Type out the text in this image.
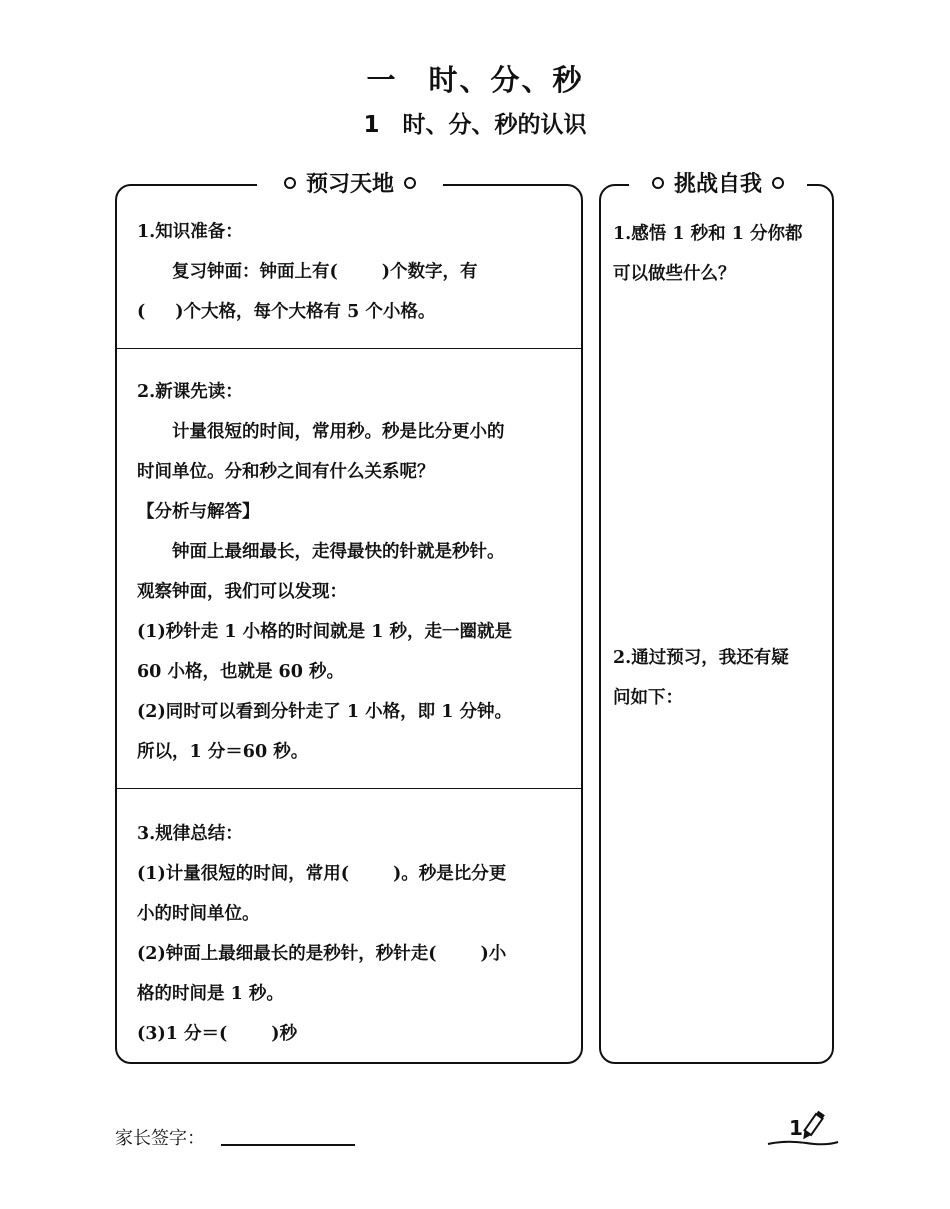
一　时、分、秒
1　时、分、秒的认识
预习天地

1.知识准备：

复习钟面：钟面上有(	)个数字，有

( )个大格，每个大格有 5 个小格。

2.新课先读：

计量很短的时间，常用秒。秒是比分更小的

时间单位。分和秒之间有什么关系呢？

【分析与解答】

钟面上最细最长，走得最快的针就是秒针。

观察钟面，我们可以发现：

(1)秒针走 1 小格的时间就是 1 秒，走一圈就是

60 小格，也就是 60 秒。

(2)同时可以看到分针走了 1 小格，即 1 分钟。

所以，1 分＝60 秒。

3.规律总结：

(1)计量很短的时间，常用(	)。秒是比分更

小的时间单位。

(2)钟面上最细最长的是秒针，秒针走(	)小

格的时间是 1 秒。

(3)1 分＝(	)秒

挑战自我

1.感悟 1 秒和 1 分你都

可以做些什么？

2.通过预习，我还有疑

问如下：

家长签字：	1
